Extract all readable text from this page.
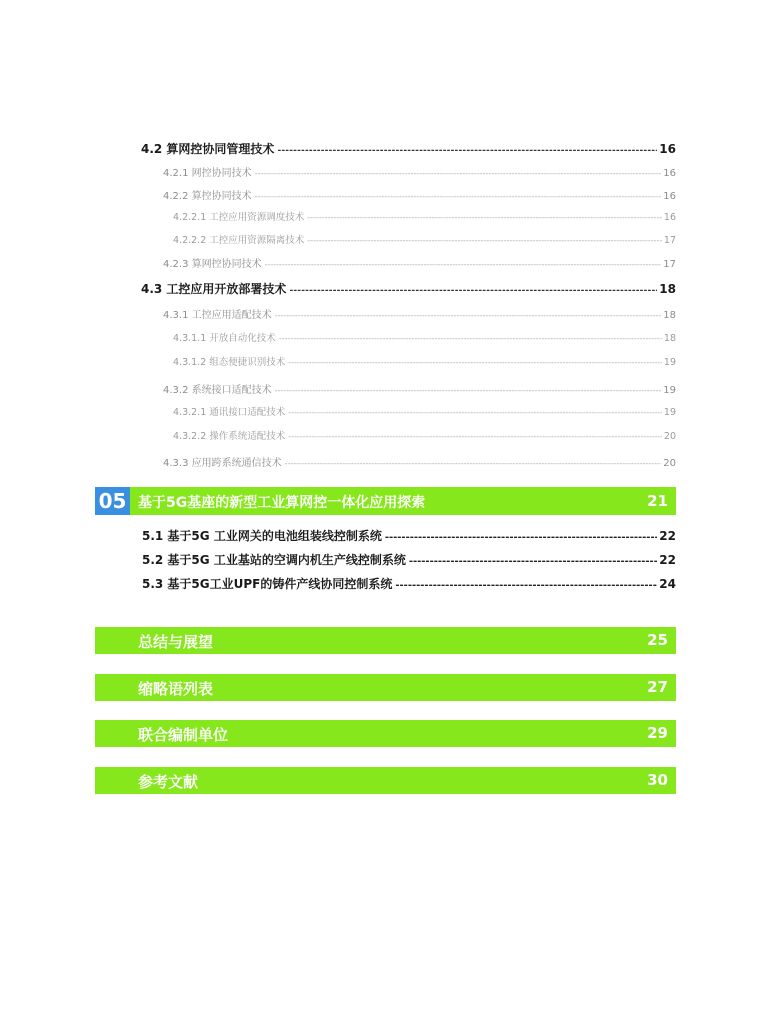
4.2 算网控协同管理技术 -----	16
4.2.1 网控协同技术 -----	16
4.2.2 算控协同技术 -----	16
4.2.2.1 工控应用资源调度技术 -----	16
4.2.2.2 工控应用资源隔离技术 -----	17
4.2.3 算网控协同技术 -----	17
4.3 工控应用开放部署技术 -----	18
4.3.1 工控应用适配技术 -----	18
4.3.1.1 开放自动化技术 -----	18
4.3.1.2 组态便捷识别技术 -----	19
4.3.2 系统接口适配技术 -----	19
4.3.2.1 通讯接口适配技术 -----	19
4.3.2.2 操作系统适配技术 -----	20
4.3.3 应用跨系统通信技术 -----	20
05 基于5G基座的新型工业算网控一体化应用探索	21
5.1 基于5G 工业网关的电池组装线控制系统 -----	22
5.2 基于5G 工业基站的空调内机生产线控制系统 -----	22
5.3 基于5G工业UPF的铸件产线协同控制系统 -----	24
总结与展望	25
缩略语列表	27
联合编制单位	29
参考文献	30
